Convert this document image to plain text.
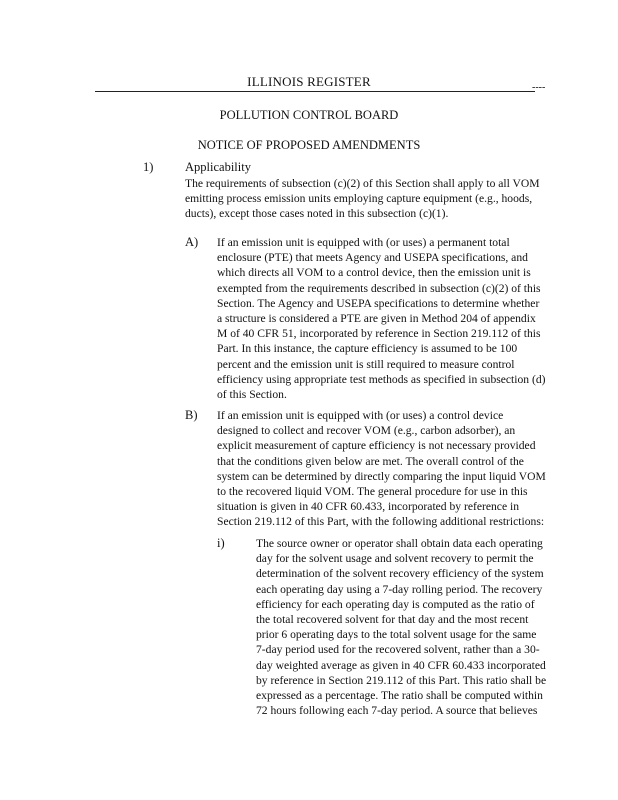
ILLINOIS REGISTER	----
POLLUTION CONTROL BOARD
NOTICE OF PROPOSED AMENDMENTS
1)	Applicability
The requirements of subsection (c)(2) of this Section shall apply to all VOM emitting process emission units employing capture equipment (e.g., hoods, ducts), except those cases noted in this subsection (c)(1).
A) If an emission unit is equipped with (or uses) a permanent total enclosure (PTE) that meets Agency and USEPA specifications, and which directs all VOM to a control device, then the emission unit is exempted from the requirements described in subsection (c)(2) of this Section. The Agency and USEPA specifications to determine whether a structure is considered a PTE are given in Method 204 of appendix M of 40 CFR 51, incorporated by reference in Section 219.112 of this Part. In this instance, the capture efficiency is assumed to be 100 percent and the emission unit is still required to measure control efficiency using appropriate test methods as specified in subsection (d) of this Section.
B) If an emission unit is equipped with (or uses) a control device designed to collect and recover VOM (e.g., carbon adsorber), an explicit measurement of capture efficiency is not necessary provided that the conditions given below are met. The overall control of the system can be determined by directly comparing the input liquid VOM to the recovered liquid VOM. The general procedure for use in this situation is given in 40 CFR 60.433, incorporated by reference in Section 219.112 of this Part, with the following additional restrictions:
i)	The source owner or operator shall obtain data each operating day for the solvent usage and solvent recovery to permit the determination of the solvent recovery efficiency of the system each operating day using a 7-day rolling period. The recovery efficiency for each operating day is computed as the ratio of the total recovered solvent for that day and the most recent prior 6 operating days to the total solvent usage for the same 7-day period used for the recovered solvent, rather than a 30-day weighted average as given in 40 CFR 60.433 incorporated by reference in Section 219.112 of this Part. This ratio shall be expressed as a percentage. The ratio shall be computed within 72 hours following each 7-day period. A source that believes
